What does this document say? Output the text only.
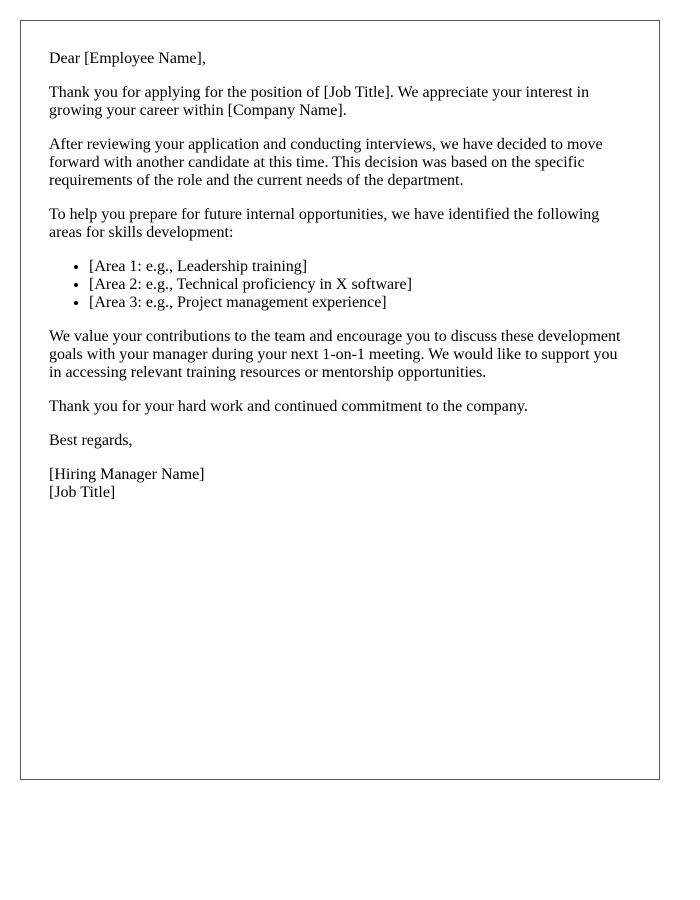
Dear [Employee Name],

Thank you for applying for the position of [Job Title]. We appreciate your interest in growing your career within [Company Name].

After reviewing your application and conducting interviews, we have decided to move forward with another candidate at this time. This decision was based on the specific requirements of the role and the current needs of the department.

To help you prepare for future internal opportunities, we have identified the following areas for skills development:

• [Area 1: e.g., Leadership training]
• [Area 2: e.g., Technical proficiency in X software]
• [Area 3: e.g., Project management experience]

We value your contributions to the team and encourage you to discuss these development goals with your manager during your next 1-on-1 meeting. We would like to support you in accessing relevant training resources or mentorship opportunities.

Thank you for your hard work and continued commitment to the company.

Best regards,

[Hiring Manager Name]
[Job Title]
